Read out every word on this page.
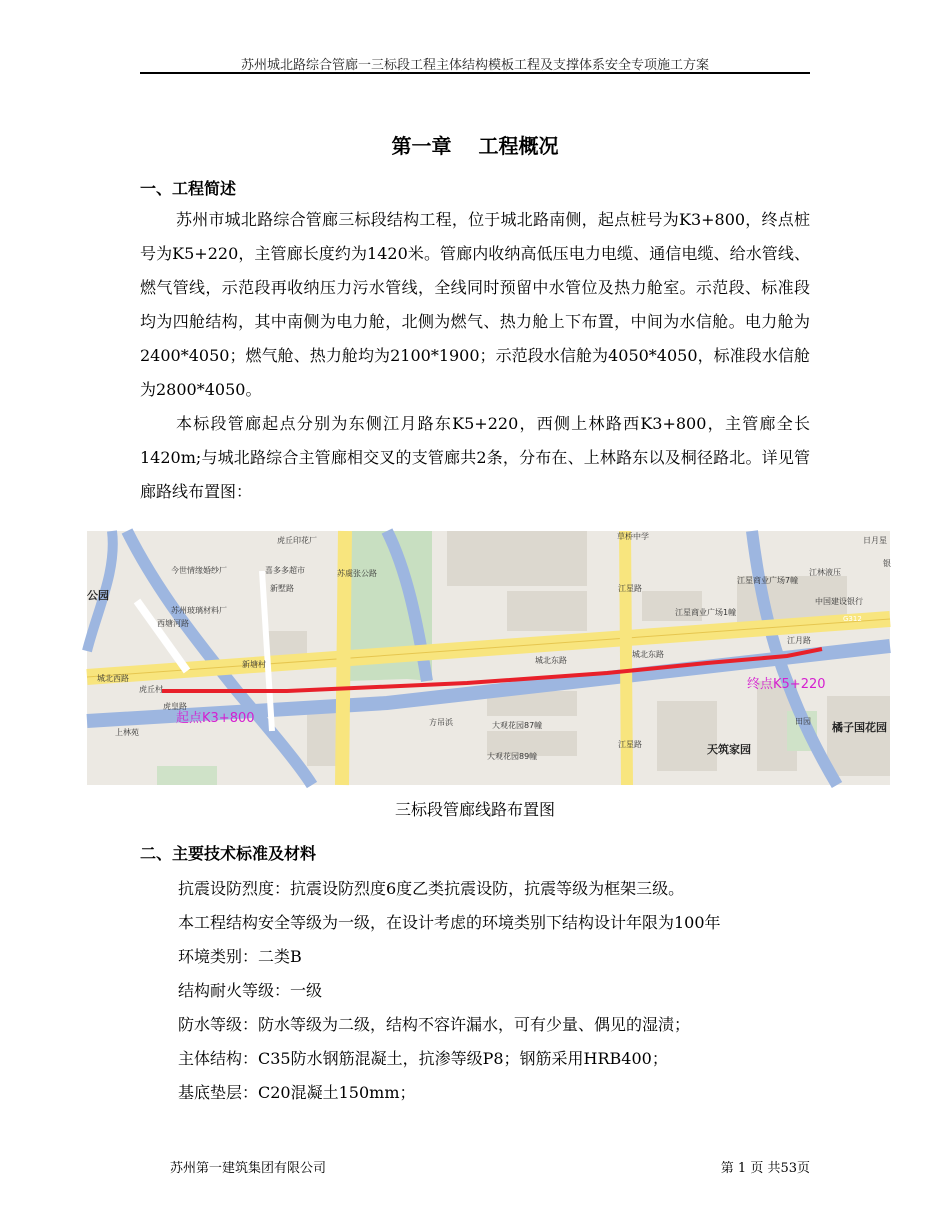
苏州城北路综合管廊一三标段工程主体结构模板工程及支撑体系安全专项施工方案
第一章　 工程概况
一、工程简述
苏州市城北路综合管廊三标段结构工程，位于城北路南侧，起点桩号为K3+800，终点桩号为K5+220，主管廊长度约为1420米。管廊内收纳高低压电力电缆、通信电缆、给水管线、燃气管线，示范段再收纳压力污水管线，全线同时预留中水管位及热力舱室。示范段、标准段均为四舱结构，其中南侧为电力舱，北侧为燃气、热力舱上下布置，中间为水信舱。电力舱为2400*4050；燃气舱、热力舱均为2100*1900；示范段水信舱为4050*4050，标准段水信舱为2800*4050。
本标段管廊起点分别为东侧江月路东K5+220，西侧上林路西K3+800，主管廊全长1420m;与城北路综合主管廊相交叉的支管廊共2条，分布在、上林路东以及桐径路北。详见管廊路线布置图：
虎丘印花厂	草桥中学	日月星
今世情缘婚纱厂	喜多多超市	江林液压
苏州玻璃材料厂
江星商业广场7幢
江星商业广场1幢
中国建设银行
新塘村	城北东路
城北东路
城北西路
虎丘村
方吊浜	大观花园87幢
大观花园89幢
上林苑
田园
银
G312
公园
天筑家园
橘子国花园
新墅路
苏虞张公路
江星路
江星路
西塘河路
虎皇路
江月路
起点K3+800
终点K5+220
三标段管廊线路布置图
二、主要技术标准及材料
抗震设防烈度：抗震设防烈度6度乙类抗震设防，抗震等级为框架三级。
本工程结构安全等级为一级，在设计考虑的环境类别下结构设计年限为100年
环境类别：二类B
结构耐火等级：一级
防水等级：防水等级为二级，结构不容许漏水，可有少量、偶见的湿渍；
主体结构：C35防水钢筋混凝土，抗渗等级P8；钢筋采用HRB400；
基底垫层：C20混凝土150mm；
苏州第一建筑集团有限公司	第 1 页 共53页
